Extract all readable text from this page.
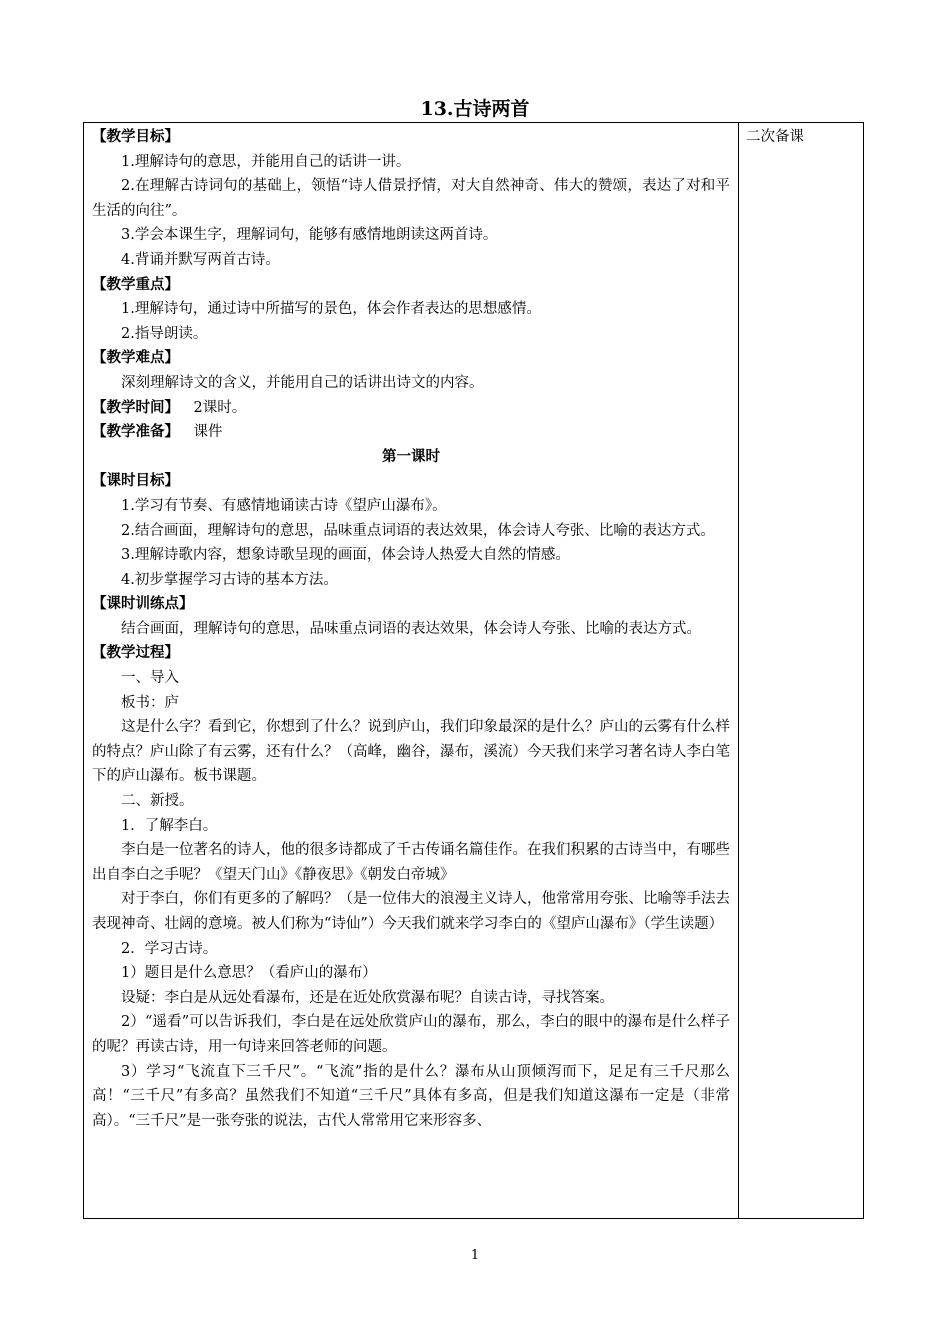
13.古诗两首

【教学目标】

1.理解诗句的意思，并能用自己的话讲一讲。

2.在理解古诗词句的基础上，领悟“诗人借景抒情，对大自然神奇、伟大的赞颂，表达了对和平生活的向往”。

3.学会本课生字，理解词句，能够有感情地朗读这两首诗。

4.背诵并默写两首古诗。

【教学重点】

1.理解诗句，通过诗中所描写的景色，体会作者表达的思想感情。

2.指导朗读。

【教学难点】

深刻理解诗文的含义，并能用自己的话讲出诗文的内容。

【教学时间】 2课时。

【教学准备】 课件

第一课时

【课时目标】

1.学习有节奏、有感情地诵读古诗《望庐山瀑布》。

2.结合画面，理解诗句的意思，品味重点词语的表达效果，体会诗人夸张、比喻的表达方式。

3.理解诗歌内容，想象诗歌呈现的画面，体会诗人热爱大自然的情感。

4.初步掌握学习古诗的基本方法。

【课时训练点】

结合画面，理解诗句的意思，品味重点词语的表达效果，体会诗人夸张、比喻的表达方式。

【教学过程】

一、导入

板书：庐

这是什么字？看到它，你想到了什么？说到庐山，我们印象最深的是什么？庐山的云雾有什么样的特点？庐山除了有云雾，还有什么？（高峰，幽谷，瀑布，溪流）今天我们来学习著名诗人李白笔下的庐山瀑布。板书课题。

二、新授。

1．了解李白。

李白是一位著名的诗人，他的很多诗都成了千古传诵名篇佳作。在我们积累的古诗当中，有哪些出自李白之手呢？《望天门山》《静夜思》《朝发白帝城》

对于李白，你们有更多的了解吗？（是一位伟大的浪漫主义诗人，他常常用夸张、比喻等手法去表现神奇、壮阔的意境。被人们称为“诗仙”）今天我们就来学习李白的《望庐山瀑布》（学生读题）

2．学习古诗。

1）题目是什么意思？（看庐山的瀑布）

设疑：李白是从远处看瀑布，还是在近处欣赏瀑布呢？自读古诗，寻找答案。

2）“遥看”可以告诉我们，李白是在远处欣赏庐山的瀑布，那么，李白的眼中的瀑布是什么样子的呢？再读古诗，用一句诗来回答老师的问题。

3）学习“飞流直下三千尺”。“飞流”指的是什么？瀑布从山顶倾泻而下，足足有三千尺那么高！“三千尺”有多高？虽然我们不知道“三千尺”具体有多高，但是我们知道这瀑布一定是（非常高）。“三千尺”是一张夸张的说法，古代人常常用它来形容多、

二次备课
1
